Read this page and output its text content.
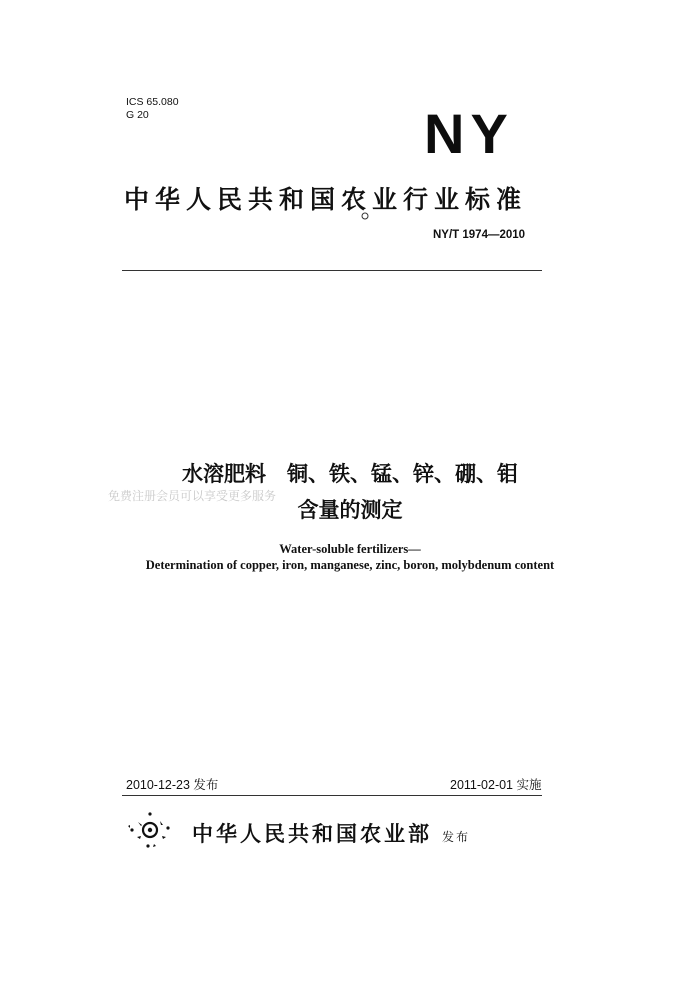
ICS 65.080
G 20	NY
中华人民共和国农业行业标准
NY/T 1974—2010
免费注册会员可以享受更多服务
水溶肥料　铜、铁、锰、锌、硼、钼
含量的测定
Water-soluble fertilizers—
Determination of copper, iron, manganese, zinc, boron, molybdenum content
2010-12-23 发布	2011-02-01 实施
中华人民共和国农业部 发布
